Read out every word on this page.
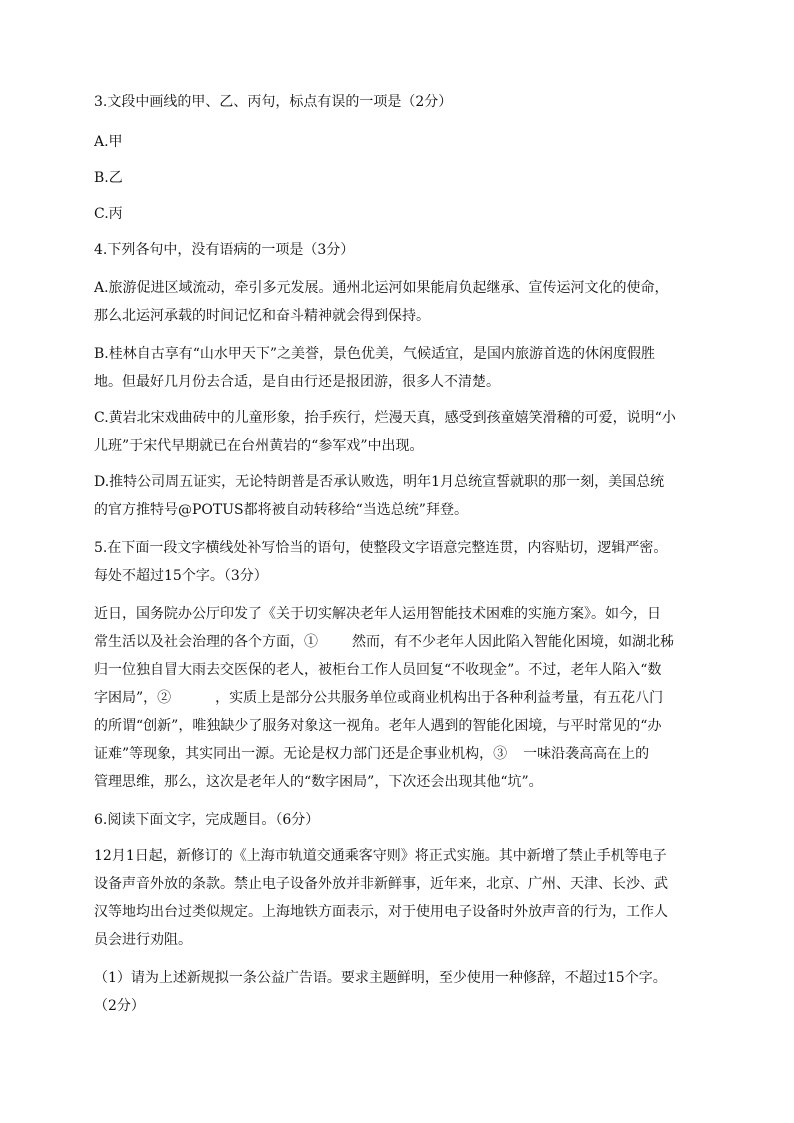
3.文段中画线的甲、乙、丙句，标点有误的一项是（2分）
A.甲
B.乙
C.丙
4.下列各句中，没有语病的一项是（3分）
A.旅游促进区域流动，牵引多元发展。通州北运河如果能肩负起继承、宣传运河文化的使命，
那么北运河承载的时间记忆和奋斗精神就会得到保持。
B.桂林自古享有“山水甲天下”之美誉，景色优美，气候适宜，是国内旅游首选的休闲度假胜
地。但最好几月份去合适，是自由行还是报团游，很多人不清楚。
C.黄岩北宋戏曲砖中的儿童形象，抬手疾行，烂漫天真，感受到孩童嬉笑滑稽的可爱，说明“小
儿班”于宋代早期就已在台州黄岩的“参军戏”中出现。
D.推特公司周五证实，无论特朗普是否承认败选，明年1月总统宣誓就职的那一刻，美国总统
的官方推特号@POTUS都将被自动转移给“当选总统”拜登。
5.在下面一段文字横线处补写恰当的语句，使整段文字语意完整连贯，内容贴切，逻辑严密。
每处不超过15个字。（3分）
近日，国务院办公厅印发了《关于切实解决老年人运用智能技术困难的实施方案》。如今，日
常生活以及社会治理的各个方面，① 然而，有不少老年人因此陷入智能化困境，如湖北秭
归一位独自冒大雨去交医保的老人，被柜台工作人员回复“不收现金”。不过，老年人陷入“数
字困局”，②	，实质上是部分公共服务单位或商业机构出于各种利益考量，有五花八门
的所谓“创新”，唯独缺少了服务对象这一视角。老年人遇到的智能化困境，与平时常见的“办
证难”等现象，其实同出一源。无论是权力部门还是企事业机构，③ 一味沿袭高高在上的
管理思维，那么，这次是老年人的“数字困局”，下次还会出现其他“坑”。
6.阅读下面文字，完成题目。（6分）
12月1日起，新修订的《上海市轨道交通乘客守则》将正式实施。其中新增了禁止手机等电子
设备声音外放的条款。禁止电子设备外放并非新鲜事，近年来，北京、广州、天津、长沙、武
汉等地均出台过类似规定。上海地铁方面表示，对于使用电子设备时外放声音的行为，工作人
员会进行劝阻。
（1）请为上述新规拟一条公益广告语。要求主题鲜明，至少使用一种修辞，不超过15个字。
（2分）
